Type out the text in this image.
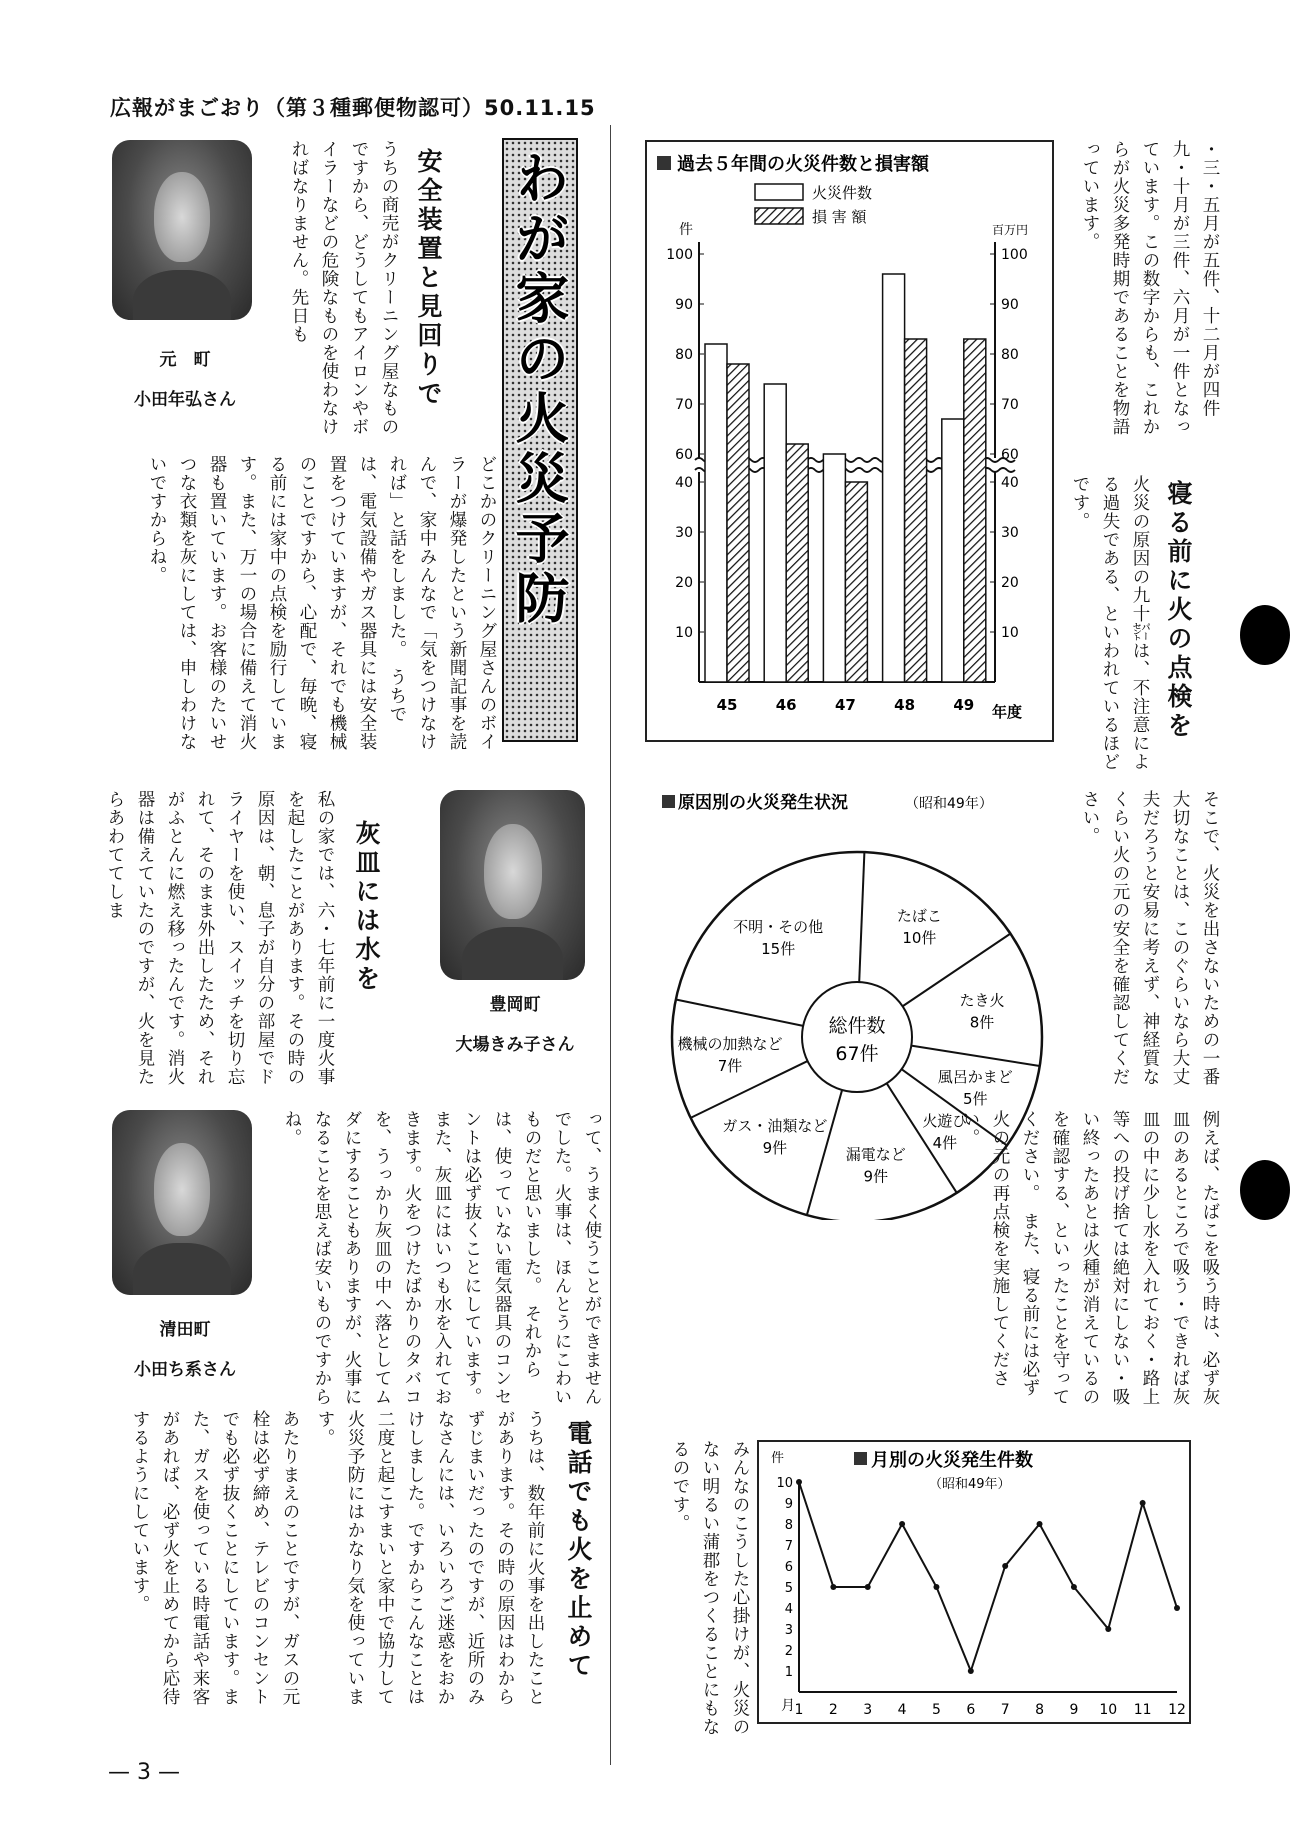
広報がまごおり（第３種郵便物認可）50.11.15
元　町
小田年弘さん	安全装置と見回りで
うちの商売がクリーニング屋なものですから、どうしてもアイロンやボイラーなどの危険なものを使わなければなりません。先日も
どこかのクリーニング屋さんのボイラーが爆発したという新聞記事を読んで、家中みんなで「気をつけなければ」と話をしました。　うちでは、電気設備やガス器具には安全装置をつけていますが、それでも機械のことですから、心配で、毎晩、寝る前には家中の点検を励行しています。また、万一の場合に備えて消火器も置いています。お客様のたいせつな衣類を灰にしては、申しわけないですからね。	わが家の火災予防
豊岡町
大場きみ子さん
灰皿には水を
私の家では、六・七年前に一度火事を起したことがあります。その時の原因は、朝、息子が自分の部屋でドライヤーを使い、スイッチを切り忘れて、そのまま外出したため、それがふとんに燃え移ったんです。消火器は備えていたのですが、火を見たらあわててしま
って、うまく使うことができませんでした。火事は、ほんとうにこわいものだと思いました。　それからは、使っていない電気器具のコンセントは必ず抜くことにしています。また、灰皿にはいつも水を入れておきます。火をつけたばかりのタバコを、うっかり灰皿の中へ落としてムダにすることもありますが、火事になることを思えば安いものですからね。
清田町
小田ち系さん
電話でも火を止めて
うちは、数年前に火事を出したことがあります。その時の原因はわからずじまいだったのですが、近所のみなさんには、いろいろご迷惑をおかけしました。ですからこんなことは二度と起こすまいと家中で協力して火災予防にはかなり気を使っています。
あたりまえのことですが、ガスの元栓は必ず締め、テレビのコンセントでも必ず抜くことにしています。また、ガスを使っている時電話や来客があれば、必ず火を止めてから応待するようにしています。
過去５年間の火災件数と損害額
火災件数
損 害 額
件	百万円
10	10
20	20
30	30
40	40
60	60
70	70
80	80
90	90
100	100
45	46	47	48	49 年度
原因別の火災発生状況	（昭和49年）
たばこ
10件
たき火
8件
風呂かまど
5件
火遊び
4件
漏電など
9件
ガス・油類など
9件
機械の加熱など
7件
不明・その他
15件
総件数
67件
月別の火災発生件数
（昭和49年）
件
月
1
2
3
4
5
6
7
8
9
10
1 2 3 4 5 6 7 8 9 10 11 12
・三・五月が五件、十二月が四件九・十月が三件、六月が一件となっています。この数字からも、これからが火災多発時期であることを物語っています。
寝る前に火の点検を
火災の原因の九十㌫は、不注意による過失である、といわれているほどです。
そこで、火災を出さないための一番大切なことは、このぐらいなら大丈夫だろうと安易に考えず、神経質なくらい火の元の安全を確認してください。
例えば、たばこを吸う時は、必ず灰皿のあるところで吸う・できれば灰皿の中に少し水を入れておく・路上等への投げ捨ては絶対にしない・吸い終ったあとは火種が消えているのを確認する、といったことを守ってください。　また、寝る前には必ず火の元の再点検を実施してください。
みんなのこうした心掛けが、火災のない明るい蒲郡をつくることにもなるのです。
— 3 —
